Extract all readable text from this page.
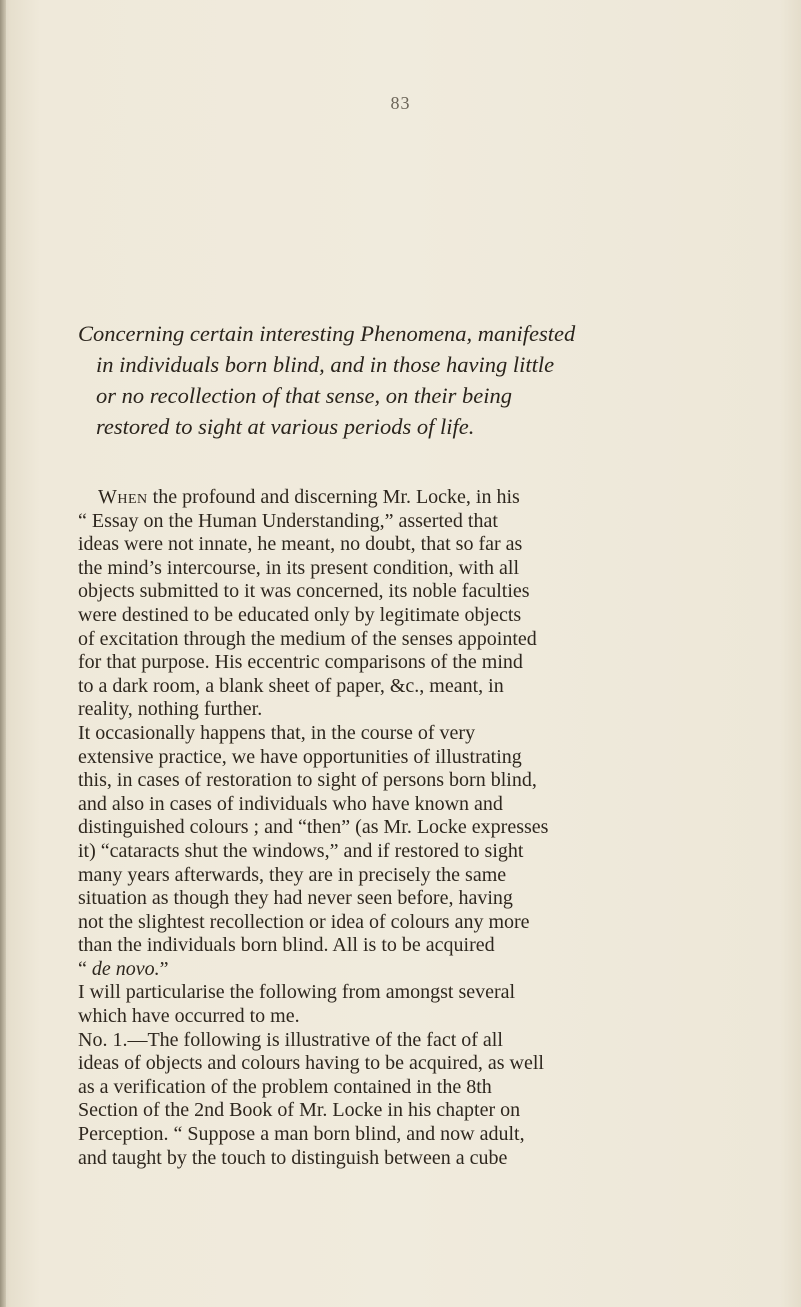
83
Concerning certain interesting Phenomena, manifested
in individuals born blind, and in those having little
or no recollection of that sense, on their being
restored to sight at various periods of life.
When the profound and discerning Mr. Locke, in his
“ Essay on the Human Understanding,” asserted that
ideas were not innate, he meant, no doubt, that so far as
the mind’s intercourse, in its present condition, with all
objects submitted to it was concerned, its noble faculties
were destined to be educated only by legitimate objects
of excitation through the medium of the senses appointed
for that purpose. His eccentric comparisons of the mind
to a dark room, a blank sheet of paper, &c., meant, in
reality, nothing further.
It occasionally happens that, in the course of very
extensive practice, we have opportunities of illustrating
this, in cases of restoration to sight of persons born blind,
and also in cases of individuals who have known and
distinguished colours ; and “then” (as Mr. Locke expresses
it) “cataracts shut the windows,” and if restored to sight
many years afterwards, they are in precisely the same
situation as though they had never seen before, having
not the slightest recollection or idea of colours any more
than the individuals born blind. All is to be acquired
“ de novo.”
I will particularise the following from amongst several
which have occurred to me.
No. 1.—The following is illustrative of the fact of all
ideas of objects and colours having to be acquired, as well
as a verification of the problem contained in the 8th
Section of the 2nd Book of Mr. Locke in his chapter on
Perception. “ Suppose a man born blind, and now adult,
and taught by the touch to distinguish between a cube
